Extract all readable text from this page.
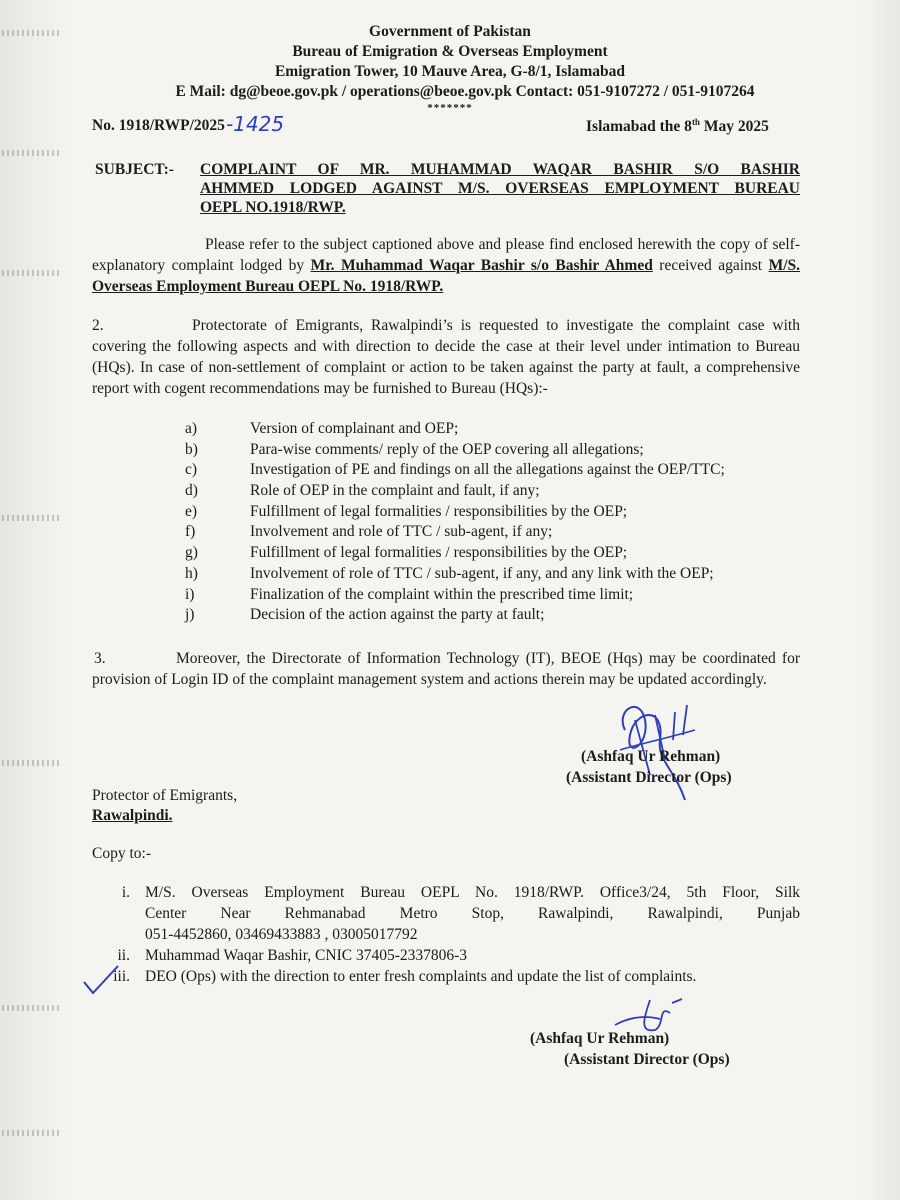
Government of Pakistan
Bureau of Emigration & Overseas Employment
Emigration Tower, 10 Mauve Area, G-8/1, Islamabad
E Mail: dg@beoe.gov.pk / operations@beoe.gov.pk Contact: 051-9107272 / 051-9107264
*******
No. 1918/RWP/2025 -1425	Islamabad the 8th May 2025
SUBJECT:- COMPLAINT OF MR. MUHAMMAD WAQAR BASHIR S/O BASHIR
AHMMED LODGED AGAINST M/S. OVERSEAS EMPLOYMENT BUREAU
OEPL NO.1918/RWP.
Please refer to the subject captioned above and please find enclosed herewith the copy of self-explanatory complaint lodged by Mr. Muhammad Waqar Bashir s/o Bashir Ahmed received against M/S. Overseas Employment Bureau OEPL No. 1918/RWP.
2.	Protectorate of Emigrants, Rawalpindi’s is requested to investigate the complaint case with covering the following aspects and with direction to decide the case at their level under intimation to Bureau (HQs). In case of non-settlement of complaint or action to be taken against the party at fault, a comprehensive report with cogent recommendations may be furnished to Bureau (HQs):-
a)	Version of complainant and OEP;
b)	Para-wise comments/ reply of the OEP covering all allegations;
c)	Investigation of PE and findings on all the allegations against the OEP/TTC;
d)	Role of OEP in the complaint and fault, if any;
e)	Fulfillment of legal formalities / responsibilities by the OEP;
f)	Involvement and role of TTC / sub-agent, if any;
g)	Fulfillment of legal formalities / responsibilities by the OEP;
h)	Involvement of role of TTC / sub-agent, if any, and any link with the OEP;
i)	Finalization of the complaint within the prescribed time limit;
j)	Decision of the action against the party at fault;
3.	Moreover, the Directorate of Information Technology (IT), BEOE (Hqs) may be coordinated for provision of Login ID of the complaint management system and actions therein may be updated accordingly.
(Ashfaq Ur Rehman)
(Assistant Director (Ops)
Protector of Emigrants,
Rawalpindi.
Copy to:-
i. M/S. Overseas Employment Bureau OEPL No. 1918/RWP. Office3/24, 5th Floor, Silk
Center Near Rehmanabad Metro Stop, Rawalpindi, Rawalpindi, Punjab
051-4452860, 03469433883 , 03005017792
ii. Muhammad Waqar Bashir, CNIC 37405-2337806-3
iii. DEO (Ops) with the direction to enter fresh complaints and update the list of complaints.
(Ashfaq Ur Rehman)
(Assistant Director (Ops)
